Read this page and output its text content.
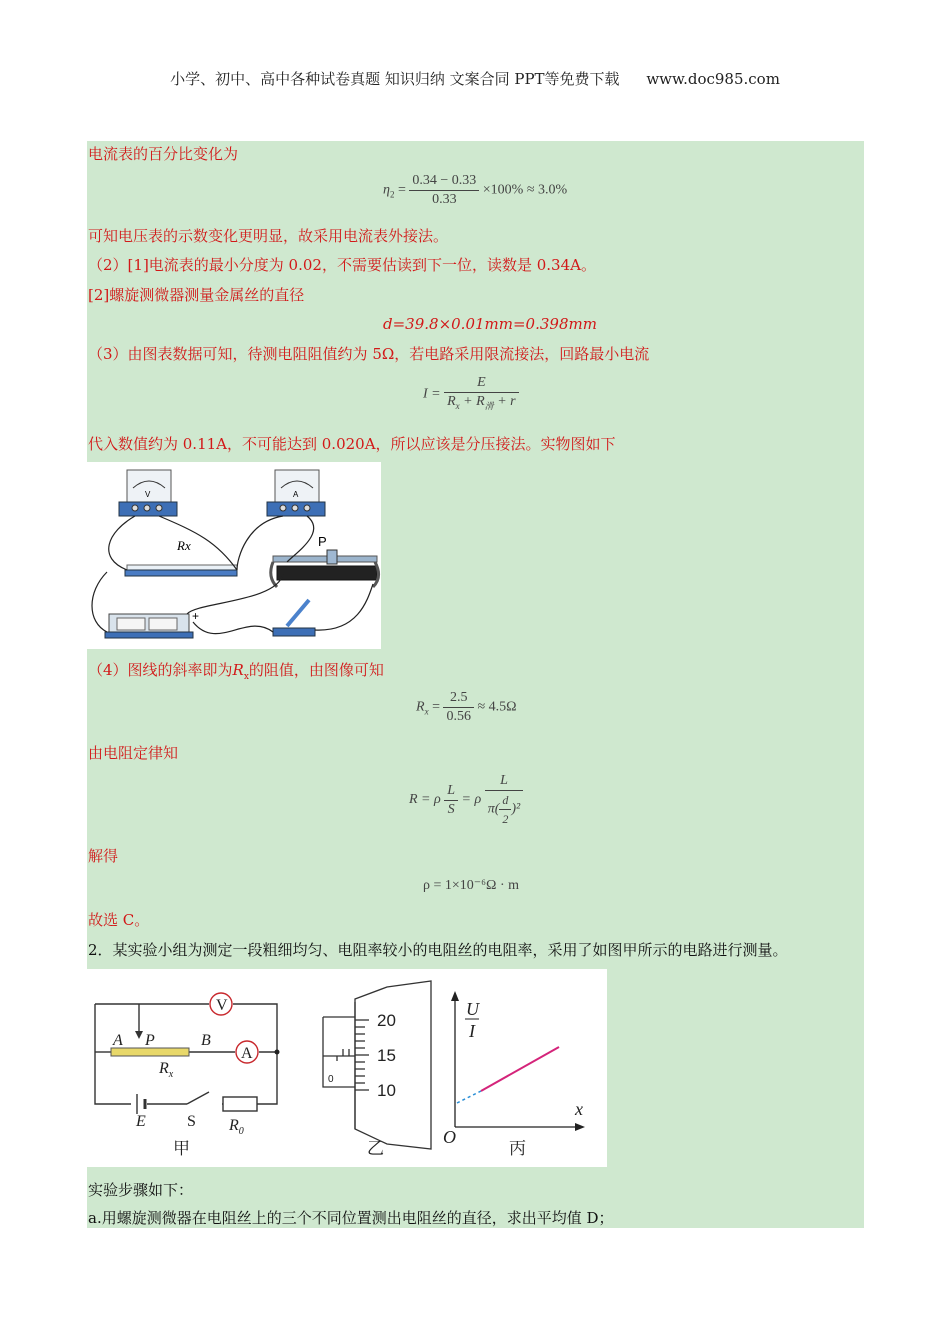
小学、初中、高中各种试卷真题 知识归纳 文案合同 PPT等免费下载 www.doc985.com
电流表的百分比变化为
$\eta_2 = \frac{0.34 - 0.33}{0.33} \times 100\% \approx 3.0\%$
可知电压表的示数变化更明显，故采用电流表外接法。
（2）[1]电流表的最小分度为 0.02，不需要估读到下一位，读数是 0.34A。
[2]螺旋测微器测量金属丝的直径
d=39.8×0.01mm=0.398mm
（3）由图表数据可知，待测电阻阻值约为 5Ω，若电路采用限流接法，回路最小电流
$I = \frac{E}{R_x + R_滑 + r}$
代入数值约为 0.11A，不可能达到 0.020A，所以应该是分压接法。实物图如下
V	A
Rx	P
+
（4）图线的斜率即为$R_x$的阻值，由图像可知
$R_x = \frac{2.5}{0.56} \approx 4.5\Omega$
由电阻定律知
R = ρ $\frac{L}{S} = \rho \frac{L}{\pi( \frac{d}{2} )^2}$
解得
ρ = 1×10⁻⁶Ω · m
故选 C。
2．某实验小组为测定一段粗细均匀、电阻率较小的电阻丝的电阻率，采用了如图甲所示的电路进行测量。
V
A
A P	B
$R_x$
E	S $R_0$
甲
20
15
10
0
乙
U
I
x
O
丙
实验步骤如下：
a.用螺旋测微器在电阻丝上的三个不同位置测出电阻丝的直径，求出平均值 D；
